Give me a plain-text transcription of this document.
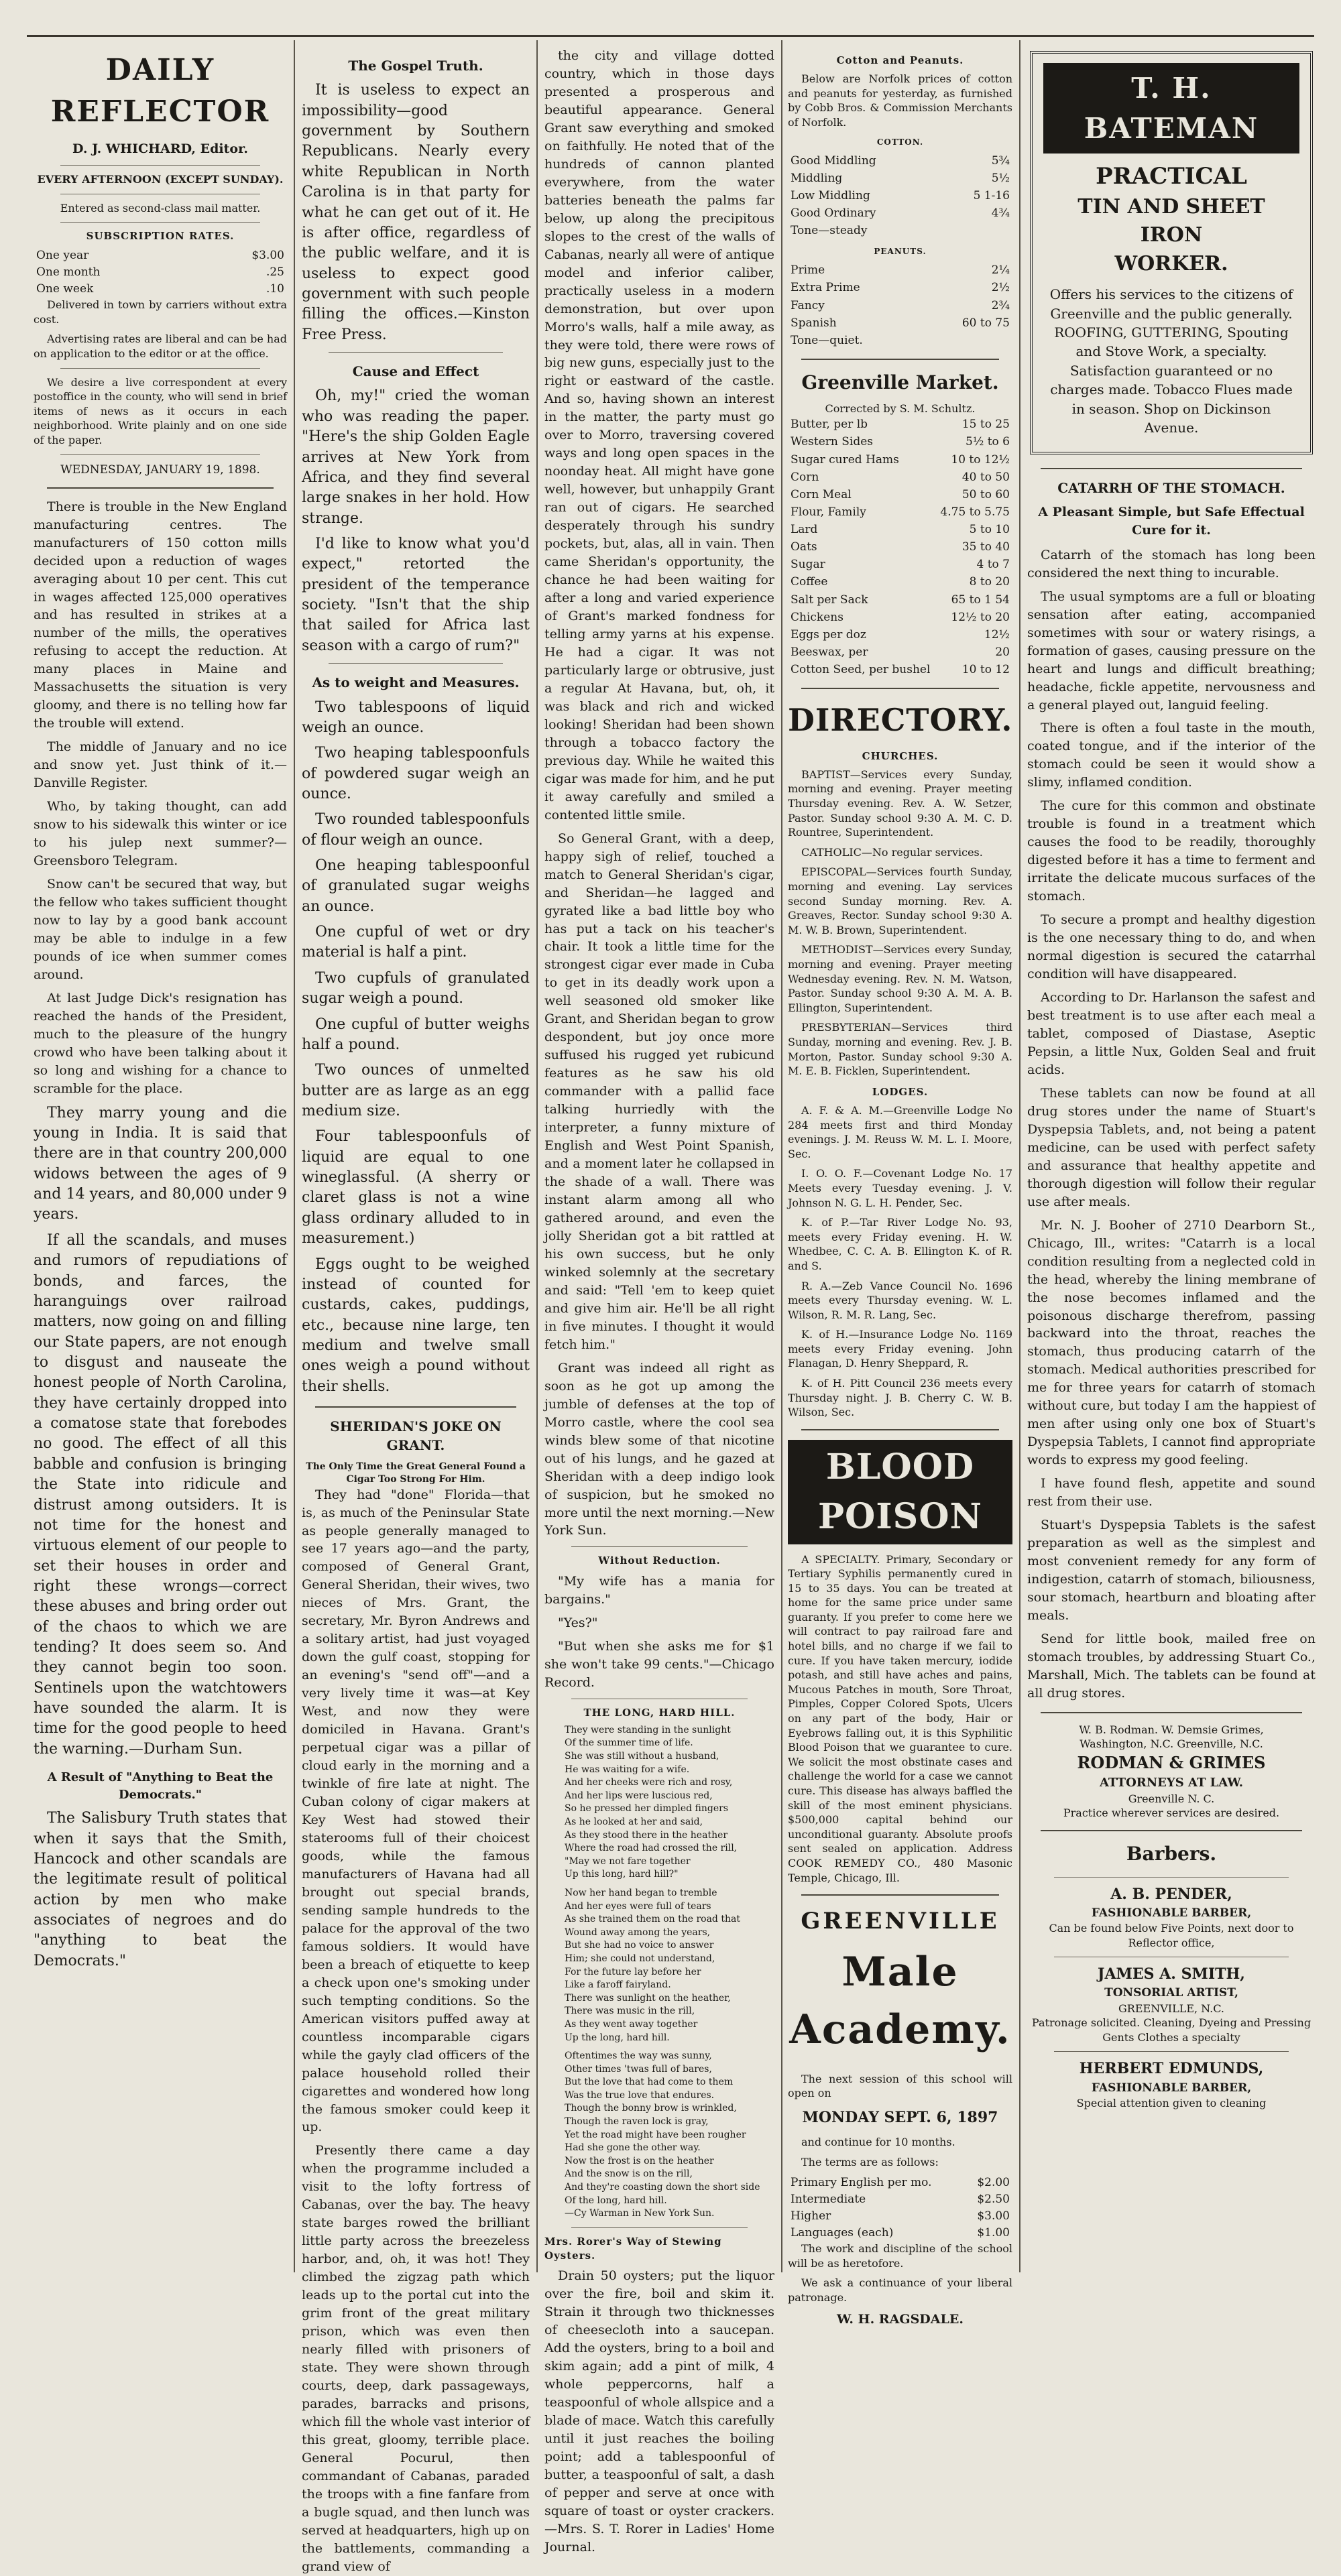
DAILY REFLECTOR
D. J. WHICHARD, Editor.
EVERY AFTERNOON (EXCEPT SUNDAY).
Entered as second-class mail matter.
SUBSCRIPTION RATES.
One year	$3.00
One month	.25
One week	.10

Delivered in town by carriers without extra cost.

Advertising rates are liberal and can be had on application to the editor or at the office.

We desire a live correspondent at every postoffice in the county, who will send in brief items of news as it occurs in each neighborhood. Write plainly and on one side of the paper.

WEDNESDAY, JANUARY 19, 1898.

There is trouble in the New England manufacturing centres. The manufacturers of 150 cotton mills decided upon a reduction of wages averaging about 10 per cent. This cut in wages affected 125,000 operatives and has resulted in strikes at a number of the mills, the operatives refusing to accept the reduction. At many places in Maine and Massachusetts the situation is very gloomy, and there is no telling how far the trouble will extend.

The middle of January and no ice and snow yet. Just think of it.—Danville Register.

Who, by taking thought, can add snow to his sidewalk this winter or ice to his julep next summer?—Greensboro Telegram.

Snow can't be secured that way, but the fellow who takes sufficient thought now to lay by a good bank account may be able to indulge in a few pounds of ice when summer comes around.

At last Judge Dick's resignation has reached the hands of the President, much to the pleasure of the hungry crowd who have been talking about it so long and wishing for a chance to scramble for the place.

They marry young and die young in India. It is said that there are in that country 200,000 widows between the ages of 9 and 14 years, and 80,000 under 9 years.

If all the scandals, and muses and rumors of repudiations of bonds, and farces, the haranguings over railroad matters, now going on and filling our State papers, are not enough to disgust and nauseate the honest people of North Carolina, they have certainly dropped into a comatose state that forebodes no good. The effect of all this babble and confusion is bringing the State into ridicule and distrust among outsiders. It is not time for the honest and virtuous element of our people to set their houses in order and right these wrongs—correct these abuses and bring order out of the chaos to which we are tending? It does seem so. And they cannot begin too soon. Sentinels upon the watchtowers have sounded the alarm. It is time for the good people to heed the warning.—Durham Sun.

A Result of "Anything to Beat the Democrats."

The Salisbury Truth states that when it says that the Smith, Hancock and other scandals are the legitimate result of political action by men who make associates of negroes and do "anything to beat the Democrats."

The Gospel Truth.

It is useless to expect an impossibility—good government by Southern Republicans. Nearly every white Republican in North Carolina is in that party for what he can get out of it. He is after office, regardless of the public welfare, and it is useless to expect good government with such people filling the offices.—Kinston Free Press.

Cause and Effect

Oh, my!" cried the woman who was reading the paper. "Here's the ship Golden Eagle arrives at New York from Africa, and they find several large snakes in her hold. How strange.

I'd like to know what you'd expect," retorted the president of the temperance society. "Isn't that the ship that sailed for Africa last season with a cargo of rum?"

As to weight and Measures.

Two tablespoons of liquid weigh an ounce.

Two heaping tablespoonfuls of powdered sugar weigh an ounce.

Two rounded tablespoonfuls of flour weigh an ounce.

One heaping tablespoonful of granulated sugar weighs an ounce.

One cupful of wet or dry material is half a pint.

Two cupfuls of granulated sugar weigh a pound.

One cupful of butter weighs half a pound.

Two ounces of unmelted butter are as large as an egg medium size.

Four tablespoonfuls of liquid are equal to one wineglassful. (A sherry or claret glass is not a wine glass ordinary alluded to in measurement.)

Eggs ought to be weighed instead of counted for custards, cakes, puddings, etc., because nine large, ten medium and twelve small ones weigh a pound without their shells.

SHERIDAN'S JOKE ON GRANT.
The Only Time the Great General Found a Cigar Too Strong For Him.

They had "done" Florida—that is, as much of the Peninsular State as people generally managed to see 17 years ago—and the party, composed of General Grant, General Sheridan, their wives, two nieces of Mrs. Grant, the secretary, Mr. Byron Andrews and a solitary artist, had just voyaged down the gulf coast, stopping for an evening's "send off"—and a very lively time it was—at Key West, and now they were domiciled in Havana. Grant's perpetual cigar was a pillar of cloud early in the morning and a twinkle of fire late at night. The Cuban colony of cigar makers at Key West had stowed their staterooms full of their choicest goods, while the famous manufacturers of Havana had all brought out special brands, sending sample hundreds to the palace for the approval of the two famous soldiers. It would have been a breach of etiquette to keep a check upon one's smoking under such tempting conditions. So the American visitors puffed away at countless incomparable cigars while the gayly clad officers of the palace household rolled their cigarettes and wondered how long the famous smoker could keep it up.

Presently there came a day when the programme included a visit to the lofty fortress of Cabanas, over the bay. The heavy state barges rowed the brilliant little party across the breezeless harbor, and, oh, it was hot! They climbed the zigzag path which leads up to the portal cut into the grim front of the great military prison, which was even then nearly filled with prisoners of state. They were shown through courts, deep, dark passageways, parades, barracks and prisons, which fill the whole vast interior of this great, gloomy, terrible place. General Pocurul, then commandant of Cabanas, paraded the troops with a fine fanfare from a bugle squad, and then lunch was served at headquarters, high up on the battlements, commanding a grand view of

the city and village dotted country, which in those days presented a prosperous and beautiful appearance. General Grant saw everything and smoked on faithfully. He noted that of the hundreds of cannon planted everywhere, from the water batteries beneath the palms far below, up along the precipitous slopes to the crest of the walls of Cabanas, nearly all were of antique model and inferior caliber, practically useless in a modern demonstration, but over upon Morro's walls, half a mile away, as they were told, there were rows of big new guns, especially just to the right or eastward of the castle. And so, having shown an interest in the matter, the party must go over to Morro, traversing covered ways and long open spaces in the noonday heat. All might have gone well, however, but unhappily Grant ran out of cigars. He searched desperately through his sundry pockets, but, alas, all in vain. Then came Sheridan's opportunity, the chance he had been waiting for after a long and varied experience of Grant's marked fondness for telling army yarns at his expense. He had a cigar. It was not particularly large or obtrusive, just a regular At Havana, but, oh, it was black and rich and wicked looking! Sheridan had been shown through a tobacco factory the previous day. While he waited this cigar was made for him, and he put it away carefully and smiled a contented little smile.

So General Grant, with a deep, happy sigh of relief, touched a match to General Sheridan's cigar, and Sheridan—he lagged and gyrated like a bad little boy who has put a tack on his teacher's chair. It took a little time for the strongest cigar ever made in Cuba to get in its deadly work upon a well seasoned old smoker like Grant, and Sheridan began to grow despondent, but joy once more suffused his rugged yet rubicund features as he saw his old commander with a pallid face talking hurriedly with the interpreter, a funny mixture of English and West Point Spanish, and a moment later he collapsed in the shade of a wall. There was instant alarm among all who gathered around, and even the jolly Sheridan got a bit rattled at his own success, but he only winked solemnly at the secretary and said: "Tell 'em to keep quiet and give him air. He'll be all right in five minutes. I thought it would fetch him."

Grant was indeed all right as soon as he got up among the jumble of defenses at the top of Morro castle, where the cool sea winds blew some of that nicotine out of his lungs, and he gazed at Sheridan with a deep indigo look of suspicion, but he smoked no more until the next morning.—New York Sun.

Without Reduction.

"My wife has a mania for bargains."

"Yes?"

"But when she asks me for $1 she won't take 99 cents."—Chicago Record.

THE LONG, HARD HILL.
They were standing in the sunlight
Of the summer time of life.
She was still without a husband,
He was waiting for a wife.
And her cheeks were rich and rosy,
And her lips were luscious red,
So he pressed her dimpled fingers
As he looked at her and said,
As they stood there in the heather
Where the road had crossed the rill,
"May we not fare together
Up this long, hard hill?"
Now her hand began to tremble
And her eyes were full of tears
As she trained them on the road that
Wound away among the years,
But she had no voice to answer
Him; she could not understand,
For the future lay before her
Like a faroff fairyland.
There was sunlight on the heather,
There was music in the rill,
As they went away together
Up the long, hard hill.
Oftentimes the way was sunny,
Other times 'twas full of bares,
But the love that had come to them
Was the true love that endures.
Though the bonny brow is wrinkled,
Though the raven lock is gray,
Yet the road might have been rougher
Had she gone the other way.
Now the frost is on the heather
And the snow is on the rill,
And they're coasting down the short side
Of the long, hard hill.
—Cy Warman in New York Sun.
Mrs. Rorer's Way of Stewing Oysters.

Drain 50 oysters; put the liquor over the fire, boil and skim it. Strain it through two thicknesses of cheesecloth into a saucepan. Add the oysters, bring to a boil and skim again; add a pint of milk, 4 whole peppercorns, half a teaspoonful of whole allspice and a blade of mace. Watch this carefully until it just reaches the boiling point; add a tablespoonful of butter, a teaspoonful of salt, a dash of pepper and serve at once with square of toast or oyster crackers.—Mrs. S. T. Rorer in Ladies' Home Journal.

Cotton and Peanuts.

Below are Norfolk prices of cotton and peanuts for yesterday, as furnished by Cobb Bros. & Commission Merchants of Norfolk.

COTTON.
Good Middling	5¾
Middling	5½
Low Middling	5 1-16
Good Ordinary	4¾
Tone—steady	
PEANUTS.
Prime	2¼
Extra Prime	2½
Fancy	2¾
Spanish	60 to 75
Tone—quiet.	
Greenville Market.
Corrected by S. M. Schultz.
Butter, per lb	15 to 25
Western Sides	5½ to 6
Sugar cured Hams	10 to 12½
Corn	40 to 50
Corn Meal	50 to 60
Flour, Family	4.75 to 5.75
Lard	5 to 10
Oats	35 to 40
Sugar	4 to 7
Coffee	8 to 20
Salt per Sack	65 to 1 54
Chickens	12½ to 20
Eggs per doz	12½
Beeswax, per	20
Cotton Seed, per bushel	10 to 12
DIRECTORY.
CHURCHES.

BAPTIST—Services every Sunday, morning and evening. Prayer meeting Thursday evening. Rev. A. W. Setzer, Pastor. Sunday school 9:30 A. M. C. D. Rountree, Superintendent.

CATHOLIC—No regular services.

EPISCOPAL—Services fourth Sunday, morning and evening. Lay services second Sunday morning. Rev. A. Greaves, Rector. Sunday school 9:30 A. M. W. B. Brown, Superintendent.

METHODIST—Services every Sunday, morning and evening. Prayer meeting Wednesday evening. Rev. N. M. Watson, Pastor. Sunday school 9:30 A. M. A. B. Ellington, Superintendent.

PRESBYTERIAN—Services third Sunday, morning and evening. Rev. J. B. Morton, Pastor. Sunday school 9:30 A. M. E. B. Ficklen, Superintendent.

LODGES.

A. F. & A. M.—Greenville Lodge No 284 meets first and third Monday evenings. J. M. Reuss W. M. L. I. Moore, Sec.

I. O. O. F.—Covenant Lodge No. 17 Meets every Tuesday evening. J. V. Johnson N. G. L. H. Pender, Sec.

K. of P.—Tar River Lodge No. 93, meets every Friday evening. H. W. Whedbee, C. C. A. B. Ellington K. of R. and S.

R. A.—Zeb Vance Council No. 1696 meets every Thursday evening. W. L. Wilson, R. M. R. Lang, Sec.

K. of H.—Insurance Lodge No. 1169 meets every Friday evening. John Flanagan, D. Henry Sheppard, R.

K. of H. Pitt Council 236 meets every Thursday night. J. B. Cherry C. W. B. Wilson, Sec.

BLOOD POISON

A SPECIALTY. Primary, Secondary or Tertiary Syphilis permanently cured in 15 to 35 days. You can be treated at home for the same price under same guaranty. If you prefer to come here we will contract to pay railroad fare and hotel bills, and no charge if we fail to cure. If you have taken mercury, iodide potash, and still have aches and pains, Mucous Patches in mouth, Sore Throat, Pimples, Copper Colored Spots, Ulcers on any part of the body, Hair or Eyebrows falling out, it is this Syphilitic Blood Poison that we guarantee to cure. We solicit the most obstinate cases and challenge the world for a case we cannot cure. This disease has always baffled the skill of the most eminent physicians. $500,000 capital behind our unconditional guaranty. Absolute proofs sent sealed on application. Address COOK REMEDY CO., 480 Masonic Temple, Chicago, Ill.

GREENVILLE
Male Academy.

The next session of this school will open on

MONDAY SEPT. 6, 1897

and continue for 10 months.

The terms are as follows:

Primary English per mo.	$2.00
Intermediate	$2.50
Higher	$3.00
Languages (each)	$1.00

The work and discipline of the school will be as heretofore.

We ask a continuance of your liberal patronage.

W. H. RAGSDALE.
T. H. BATEMAN
PRACTICAL
TIN AND SHEET IRON
WORKER.

Offers his services to the citizens of Greenville and the public generally. ROOFING, GUTTERING, Spouting and Stove Work, a specialty. Satisfaction guaranteed or no charges made. Tobacco Flues made in season. Shop on Dickinson Avenue.

CATARRH OF THE STOMACH.
A Pleasant Simple, but Safe Effectual Cure for it.

Catarrh of the stomach has long been considered the next thing to incurable.

The usual symptoms are a full or bloating sensation after eating, accompanied sometimes with sour or watery risings, a formation of gases, causing pressure on the heart and lungs and difficult breathing; headache, fickle appetite, nervousness and a general played out, languid feeling.

There is often a foul taste in the mouth, coated tongue, and if the interior of the stomach could be seen it would show a slimy, inflamed condition.

The cure for this common and obstinate trouble is found in a treatment which causes the food to be readily, thoroughly digested before it has a time to ferment and irritate the delicate mucous surfaces of the stomach.

To secure a prompt and healthy digestion is the one necessary thing to do, and when normal digestion is secured the catarrhal condition will have disappeared.

According to Dr. Harlanson the safest and best treatment is to use after each meal a tablet, composed of Diastase, Aseptic Pepsin, a little Nux, Golden Seal and fruit acids.

These tablets can now be found at all drug stores under the name of Stuart's Dyspepsia Tablets, and, not being a patent medicine, can be used with perfect safety and assurance that healthy appetite and thorough digestion will follow their regular use after meals.

Mr. N. J. Booher of 2710 Dearborn St., Chicago, Ill., writes: "Catarrh is a local condition resulting from a neglected cold in the head, whereby the lining membrane of the nose becomes inflamed and the poisonous discharge therefrom, passing backward into the throat, reaches the stomach, thus producing catarrh of the stomach. Medical authorities prescribed for me for three years for catarrh of stomach without cure, but today I am the happiest of men after using only one box of Stuart's Dyspepsia Tablets, I cannot find appropriate words to express my good feeling.

I have found flesh, appetite and sound rest from their use.

Stuart's Dyspepsia Tablets is the safest preparation as well as the simplest and most convenient remedy for any form of indigestion, catarrh of stomach, biliousness, sour stomach, heartburn and bloating after meals.

Send for little book, mailed free on stomach troubles, by addressing Stuart Co., Marshall, Mich. The tablets can be found at all drug stores.

W. B. Rodman. W. Demsie Grimes,
Washington, N.C. Greenville, N.C.
RODMAN & GRIMES
ATTORNEYS AT LAW.
Greenville N. C.
Practice wherever services are desired.
Barbers.
A. B. PENDER,
FASHIONABLE BARBER,
Can be found below Five Points, next door to Reflector office,
JAMES A. SMITH,
TONSORIAL ARTIST,
GREENVILLE, N.C.
Patronage solicited. Cleaning, Dyeing and Pressing Gents Clothes a specialty
HERBERT EDMUNDS,
FASHIONABLE BARBER,
Special attention given to cleaning
